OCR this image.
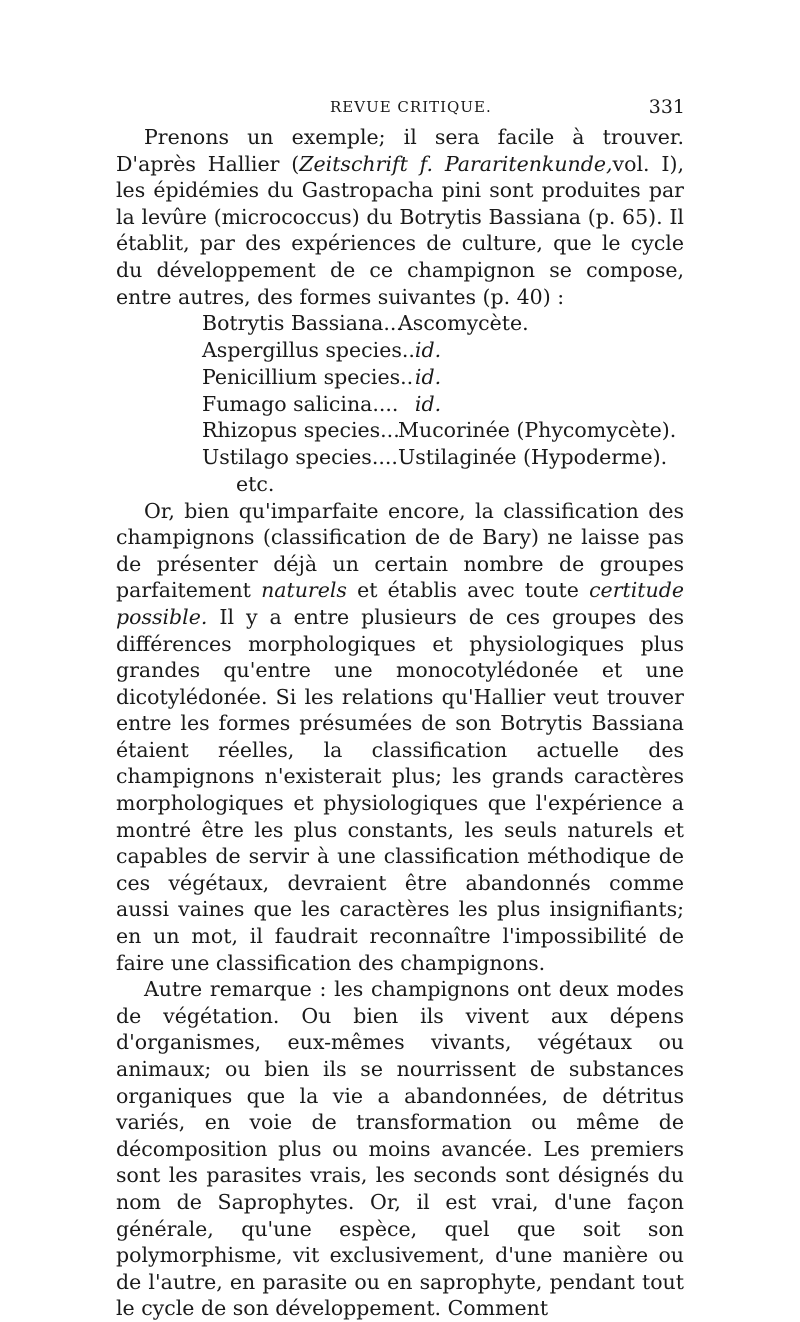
REVUE CRITIQUE.	331

Prenons un exemple; il sera facile à trouver. D'après Hallier (Zeitschrift f. Pararitenkunde,vol. I), les épidémies du Gastropacha pini sont produites par la levûre (micrococcus) du Botrytis Bassiana (p. 65). Il établit, par des expériences de culture, que le cycle du développement de ce champignon se compose, entre autres, des formes suivantes (p. 40) :

Botrytis Bassiana...Ascomycète.
Aspergillus species..id.
Penicillium species..id.
Fumago salicina.... id.
Rhizopus species...Mucorinée (Phycomycète).
Ustilago species....Ustilaginée (Hypoderme).

etc.

Or, bien qu'imparfaite encore, la classification des champignons (classification de de Bary) ne laisse pas de présenter déjà un certain nombre de groupes parfaitement naturels et établis avec toute certitude possible. Il y a entre plusieurs de ces groupes des différences morphologiques et physiologiques plus grandes qu'entre une monocotylédonée et une dicotylédonée. Si les relations qu'Hallier veut trouver entre les formes présumées de son Botrytis Bassiana étaient réelles, la classification actuelle des champignons n'existerait plus; les grands caractères morphologiques et physiologiques que l'expérience a montré être les plus constants, les seuls naturels et capables de servir à une classification méthodique de ces végétaux, devraient être abandonnés comme aussi vaines que les caractères les plus insignifiants; en un mot, il faudrait reconnaître l'impossibilité de faire une classification des champignons.

Autre remarque : les champignons ont deux modes de végétation. Ou bien ils vivent aux dépens d'organismes, eux-mêmes vivants, végétaux ou animaux; ou bien ils se nourrissent de substances organiques que la vie a abandonnées, de détritus variés, en voie de transformation ou même de décomposition plus ou moins avancée. Les premiers sont les parasites vrais, les seconds sont désignés du nom de Saprophytes. Or, il est vrai, d'une façon générale, qu'une espèce, quel que soit son polymorphisme, vit exclusivement, d'une manière ou de l'autre, en parasite ou en saprophyte, pendant tout le cycle de son développement. Comment
